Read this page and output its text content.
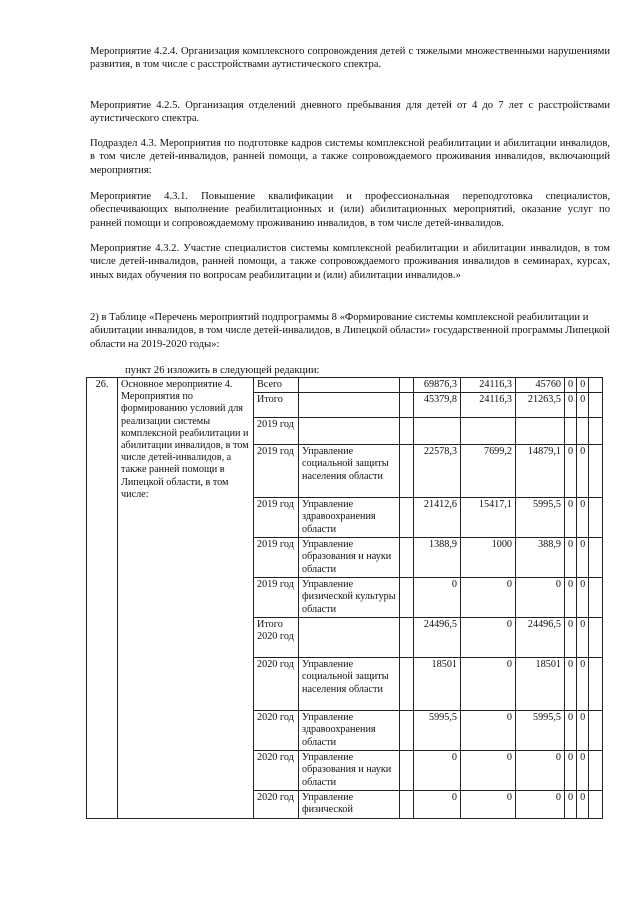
Мероприятие 4.2.4. Организация комплексного сопровождения детей с тяжелыми множественными нарушениями развития, в том числе с расстройствами аутистического спектра.

Мероприятие 4.2.5. Организация отделений дневного пребывания для детей от 4 до 7 лет с расстройствами аутистического спектра.

Подраздел 4.3. Мероприятия по подготовке кадров системы комплексной реабилитации и абилитации инвалидов, в том числе детей-инвалидов, ранней помощи, а также сопровождаемого проживания инвалидов, включающий мероприятия:

Мероприятие 4.3.1. Повышение квалификации и профессиональная переподготовка специалистов, обеспечивающих выполнение реабилитационных и (или) абилитационных мероприятий, оказание услуг по ранней помощи и сопровождаемому проживанию инвалидов, в том числе детей-инвалидов.

Мероприятие 4.3.2. Участие специалистов системы комплексной реабилитации и абилитации инвалидов, в том числе детей-инвалидов, ранней помощи, а также сопровождаемого проживания инвалидов в семинарах, курсах, иных видах обучения по вопросам реабилитации и (или) абилитации инвалидов.»

2) в Таблице «Перечень мероприятий подпрограммы 8 «Формирование системы комплексной реабилитации и абилитации инвалидов, в том числе детей-инвалидов, в Липецкой области» государственной программы Липецкой области на 2019-2020 годы»:

пункт 26 изложить в следующей редакции:
26.	Основное мероприятие 4. Мероприятия по формированию условий для реализации системы комплексной реабилитации и абилитации инвалидов, в том числе детей-инвалидов, а также ранней помощи в Липецкой области, в том числе:	Всего			69876,3	24116,3	45760	0	0	
		Итого			45379,8	24116,3	21263,5	0	0	
		2019 год								
		2019 год	Управление социальной защиты населения области		22578,3	7699,2	14879,1	0	0	
		2019 год	Управление здравоохранения области		21412,6	15417,1	5995,5	0	0	
		2019 год	Управление образования и науки области		1388,9	1000	388,9	0	0	
		2019 год	Управление физической культуры области		0	0	0	0	0	
		Итого 2020 год			24496,5	0	24496,5	0	0	
		2020 год	Управление социальной защиты населения области		18501	0	18501	0	0	
		2020 год	Управление здравоохранения области		5995,5	0	5995,5	0	0	
		2020 год	Управление образования и науки области		0	0	0	0	0	
		2020 год	Управление физической		0	0	0	0	0	
